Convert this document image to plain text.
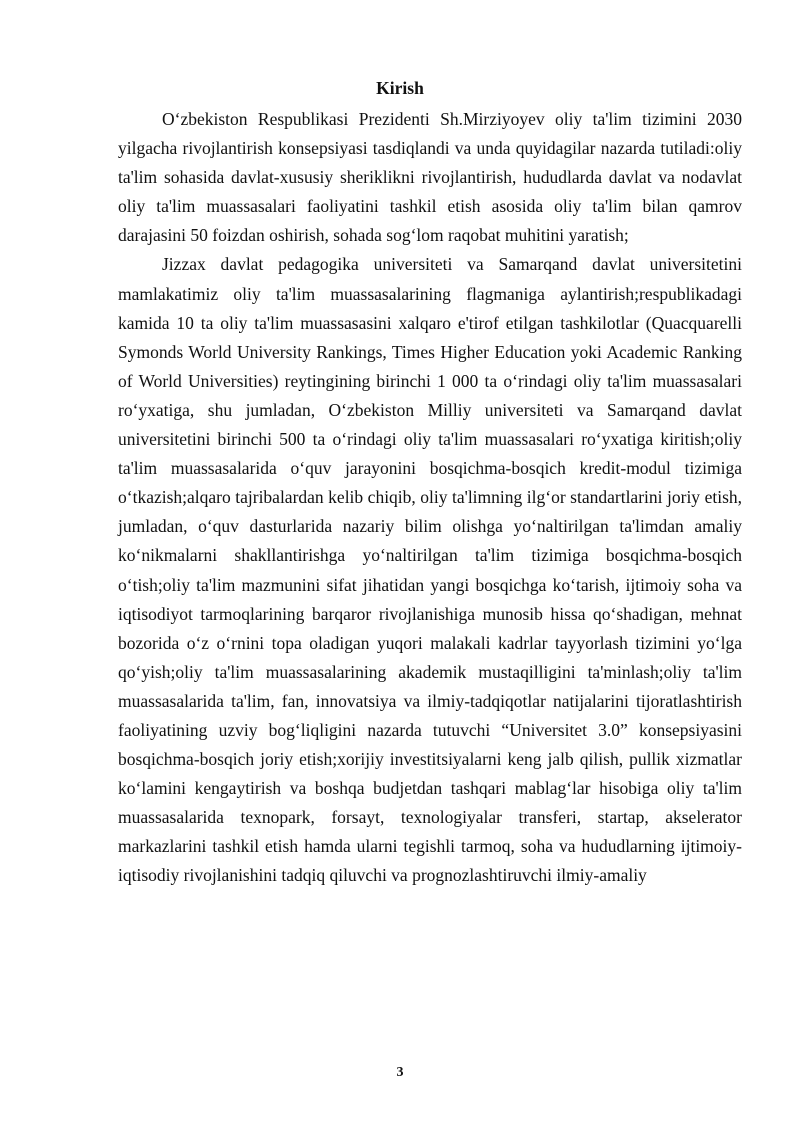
Kirish

O‘zbekiston Respublikasi Prezidenti Sh.Mirziyoyev oliy ta'lim tizimini 2030 yilgacha rivojlantirish konsepsiyasi tasdiqlandi va unda quyidagilar nazarda tutiladi:oliy ta'lim sohasida davlat-xususiy sheriklikni rivojlantirish, hududlarda davlat va nodavlat oliy ta'lim muassasalari faoliyatini tashkil etish asosida oliy ta'lim bilan qamrov darajasini 50 foizdan oshirish, sohada sog‘lom raqobat muhitini yaratish;

Jizzax davlat pedagogika universiteti va Samarqand davlat universitetini mamlakatimiz oliy ta'lim muassasalarining flagmaniga aylantirish;respublikadagi kamida 10 ta oliy ta'lim muassasasini xalqaro e'tirof etilgan tashkilotlar (Quacquarelli Symonds World University Rankings, Times Higher Education yoki Academic Ranking of World Universities) reytingining birinchi 1 000 ta o‘rindagi oliy ta'lim muassasalari ro‘yxatiga, shu jumladan, O‘zbekiston Milliy universiteti va Samarqand davlat universitetini birinchi 500 ta o‘rindagi oliy ta'lim muassasalari ro‘yxatiga kiritish;oliy ta'lim muassasalarida o‘quv jarayonini bosqichma-bosqich kredit-modul tizimiga o‘tkazish;alqaro tajribalardan kelib chiqib, oliy ta'limning ilg‘or standartlarini joriy etish, jumladan, o‘quv dasturlarida nazariy bilim olishga yo‘naltirilgan ta'limdan amaliy ko‘nikmalarni shakllantirishga yo‘naltirilgan ta'lim tizimiga bosqichma-bosqich o‘tish;oliy ta'lim mazmunini sifat jihatidan yangi bosqichga ko‘tarish, ijtimoiy soha va iqtisodiyot tarmoqlarining barqaror rivojlanishiga munosib hissa qo‘shadigan, mehnat bozorida o‘z o‘rnini topa oladigan yuqori malakali kadrlar tayyorlash tizimini yo‘lga qo‘yish;oliy ta'lim muassasalarining akademik mustaqilligini ta'minlash;oliy ta'lim muassasalarida ta'lim, fan, innovatsiya va ilmiy-tadqiqotlar natijalarini tijoratlashtirish faoliyatining uzviy bog‘liqligini nazarda tutuvchi “Universitet 3.0” konsepsiyasini bosqichma-bosqich joriy etish;xorijiy investitsiyalarni keng jalb qilish, pullik xizmatlar ko‘lamini kengaytirish va boshqa budjetdan tashqari mablag‘lar hisobiga oliy ta'lim muassasalarida texnopark, forsayt, texnologiyalar transferi, startap, akselerator markazlarini tashkil etish hamda ularni tegishli tarmoq, soha va hududlarning ijtimoiy-iqtisodiy rivojlanishini tadqiq qiluvchi va prognozlashtiruvchi ilmiy-amaliy

3
